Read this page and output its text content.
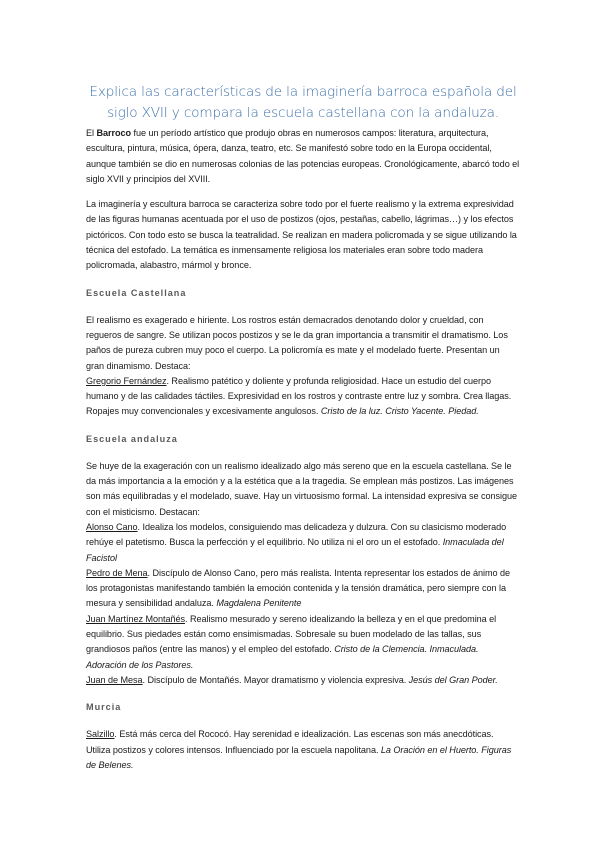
Explica las características de la imaginería barroca española del siglo XVII y compara la escuela castellana con la andaluza.

El Barroco fue un período artístico que produjo obras en numerosos campos: literatura, arquitectura, escultura, pintura, música, ópera, danza, teatro, etc. Se manifestó sobre todo en la Europa occidental, aunque también se dio en numerosas colonias de las potencias europeas. Cronológicamente, abarcó todo el siglo XVII y principios del XVIII.

La imaginería y escultura barroca se caracteriza sobre todo por el fuerte realismo y la extrema expresividad de las figuras humanas acentuada por el uso de postizos (ojos, pestañas, cabello, lágrimas…) y los efectos pictóricos. Con todo esto se busca la teatralidad. Se realizan en madera policromada y se sigue utilizando la técnica del estofado. La temática es inmensamente religiosa los materiales eran sobre todo madera policromada, alabastro, mármol y bronce.

Escuela Castellana

El realismo es exagerado e hiriente. Los rostros están demacrados denotando dolor y crueldad, con regueros de sangre. Se utilizan pocos postizos y se le da gran importancia a transmitir el dramatismo. Los paños de pureza cubren muy poco el cuerpo. La policromía es mate y el modelado fuerte. Presentan un gran dinamismo. Destaca:

Gregorio Fernández. Realismo patético y doliente y profunda religiosidad. Hace un estudio del cuerpo humano y de las calidades táctiles. Expresividad en los rostros y contraste entre luz y sombra. Crea llagas. Ropajes muy convencionales y excesivamente angulosos. Cristo de la luz. Cristo Yacente. Piedad.

Escuela andaluza

Se huye de la exageración con un realismo idealizado algo más sereno que en la escuela castellana. Se le da más importancia a la emoción y a la estética que a la tragedia. Se emplean más postizos. Las imágenes son más equilibradas y el modelado, suave. Hay un virtuosismo formal. La intensidad expresiva se consigue con el misticismo. Destacan:

Alonso Cano. Idealiza los modelos, consiguiendo mas delicadeza y dulzura. Con su clasicismo moderado rehúye el patetismo. Busca la perfección y el equilibrio. No utiliza ni el oro un el estofado. Inmaculada del Facistol

Pedro de Mena. Discípulo de Alonso Cano, pero más realista. Intenta representar los estados de ánimo de los protagonistas manifestando también la emoción contenida y la tensión dramática, pero siempre con la mesura y sensibilidad andaluza. Magdalena Penitente

Juan Martínez Montañés. Realismo mesurado y sereno idealizando la belleza y en el que predomina el equilibrio. Sus piedades están como ensimismadas. Sobresale su buen modelado de las tallas, sus grandiosos paños (entre las manos) y el empleo del estofado. Cristo de la Clemencia. Inmaculada. Adoración de los Pastores.

Juan de Mesa. Discípulo de Montañés. Mayor dramatismo y violencia expresiva. Jesús del Gran Poder.

Murcia

Salzillo. Está más cerca del Rococó. Hay serenidad e idealización. Las escenas son más anecdóticas. Utiliza postizos y colores intensos. Influenciado por la escuela napolitana. La Oración en el Huerto. Figuras de Belenes.
